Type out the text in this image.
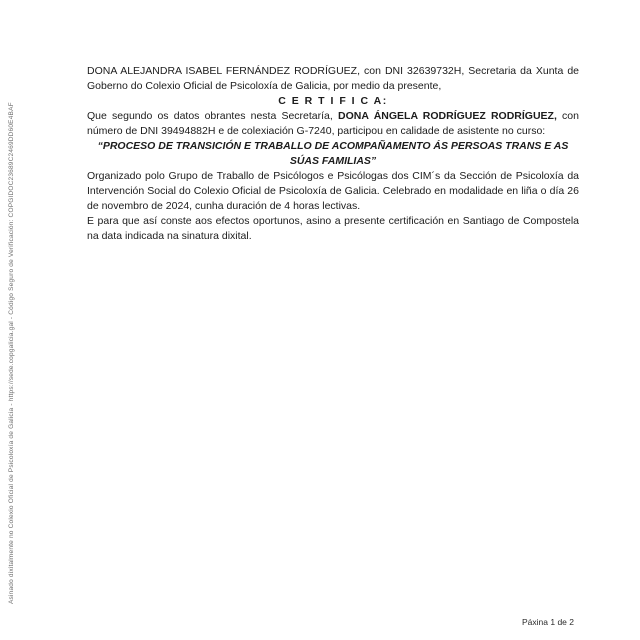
Asinado dixitalmente no Colexio Oficial de Psicoloxía de Galicia - https://sede.copgalicia.gal - Código Seguro de Verificación: COPGIDOC23689C2469DD60E4BAF

DONA ALEJANDRA ISABEL FERNÁNDEZ RODRÍGUEZ, con DNI 32639732H, Secretaria da Xunta de Goberno do Colexio Oficial de Psicoloxía de Galicia, por medio da presente,

C E R T I F I C A:

Que segundo os datos obrantes nesta Secretaría, DONA ÁNGELA RODRÍGUEZ RODRÍGUEZ, con número de DNI 39494882H e de colexiación G-7240, participou en calidade de asistente no curso:

“PROCESO DE TRANSICIÓN E TRABALLO DE ACOMPAÑAMENTO ÁS PERSOAS TRANS E AS SÚAS FAMILIAS”

Organizado polo Grupo de Traballo de Psicólogos e Psicólogas dos CIM´s da Sección de Psicoloxía da Intervención Social do Colexio Oficial de Psicoloxía de Galicia. Celebrado en modalidade en liña o día 26 de novembro de 2024, cunha duración de 4 horas lectivas.

E para que así conste aos efectos oportunos, asino a presente certificación en Santiago de Compostela na data indicada na sinatura dixital.

Páxina 1 de 2
